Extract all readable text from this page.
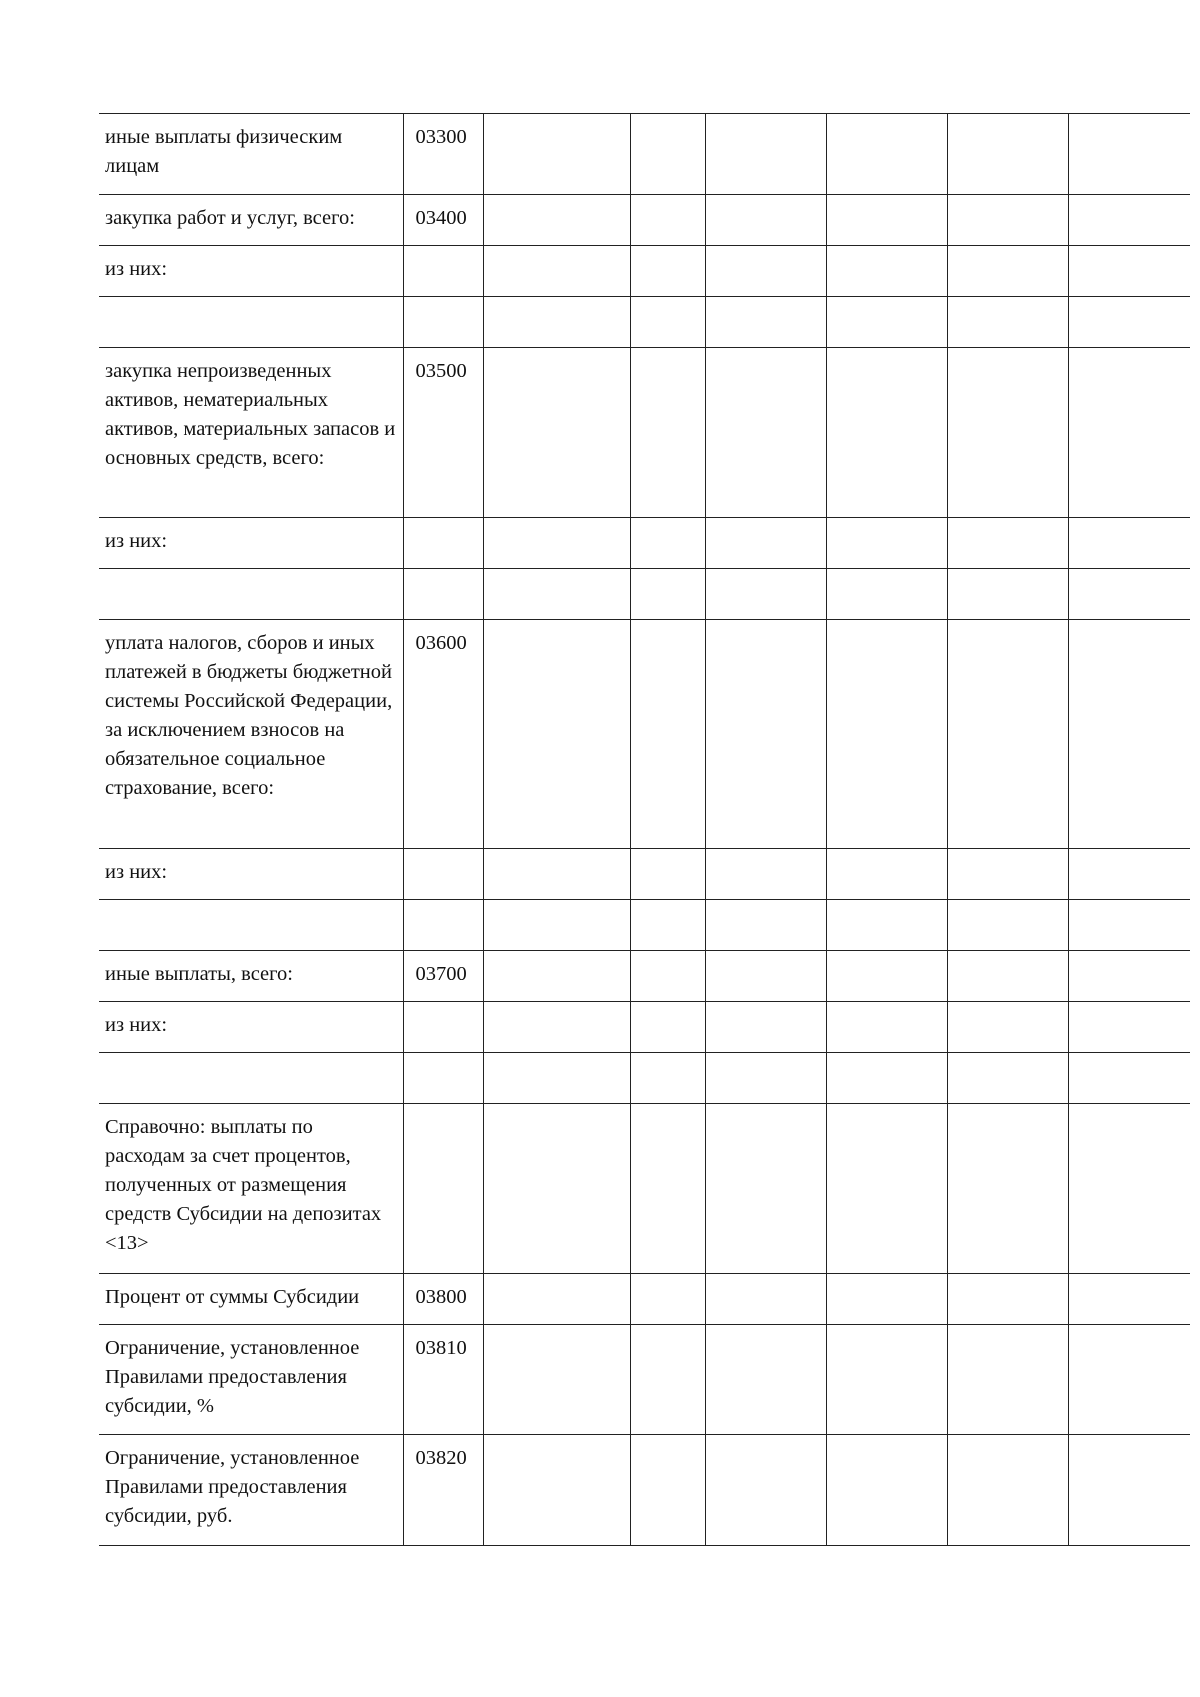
иные выплаты физическим лицам	03300						
закупка работ и услуг, всего:	03400						
из них:							

закупка непроизведенных активов, нематериальных активов, материальных запасов и основных средств, всего:	03500						
из них:							

уплата налогов, сборов и иных платежей в бюджеты бюджетной системы Российской Федерации, за исключением взносов на обязательное социальное страхование, всего:	03600						
из них:							

иные выплаты, всего:	03700						
из них:							

Справочно: выплаты по расходам за счет процентов, полученных от размещения средств Субсидии на депозитах <13>							
Процент от суммы Субсидии	03800						
Ограничение, установленное Правилами предоставления субсидии, %	03810						
Ограничение, установленное Правилами предоставления субсидии, руб.	03820						
